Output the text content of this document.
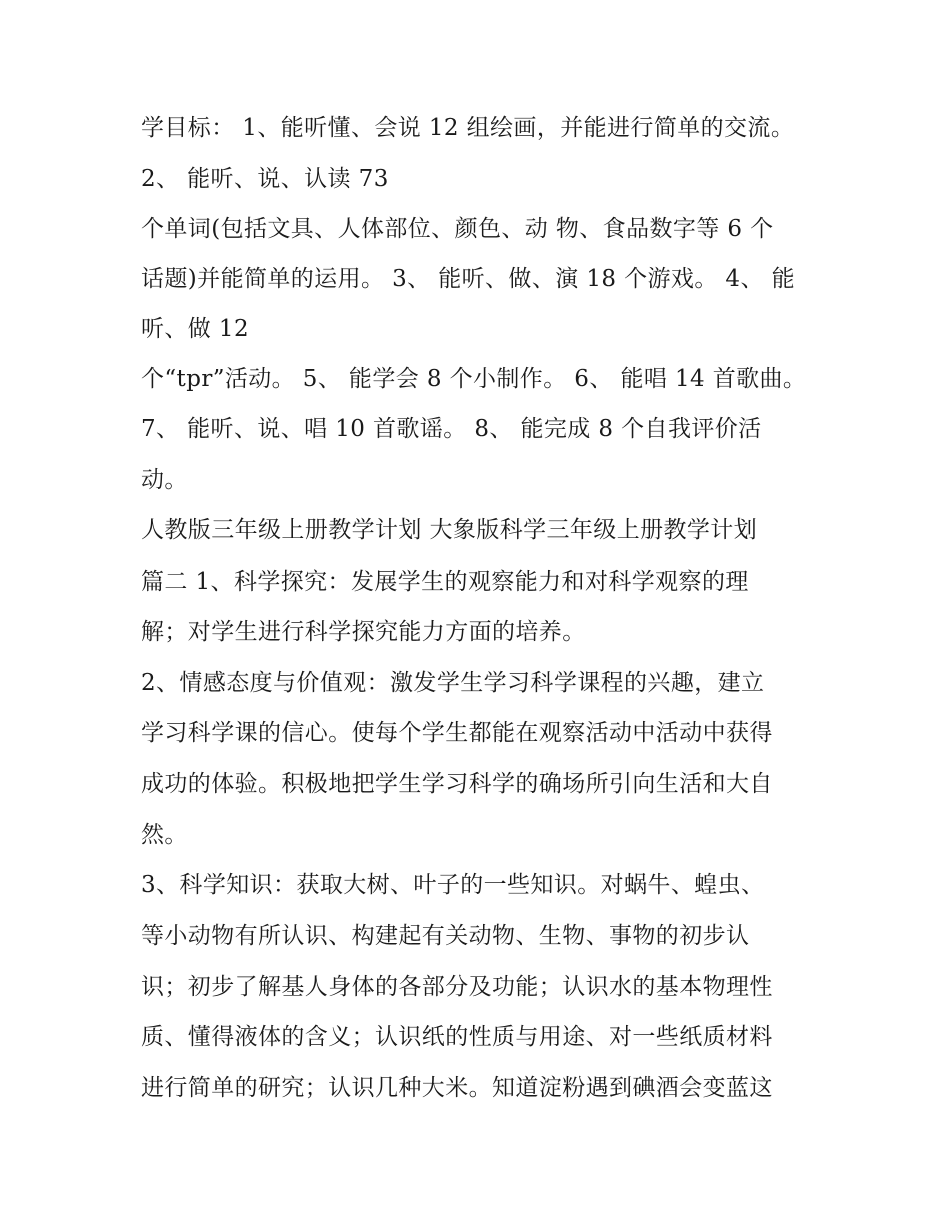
学目标： 1、能听懂、会说 12 组绘画，并能进行简单的交流。
2、 能听、说、认读 73
个单词(包括文具、人体部位、颜色、动 物、食品数字等 6 个
话题)并能简单的运用。 3、 能听、做、演 18 个游戏。 4、 能
听、做 12
个“tpr”活动。 5、 能学会 8 个小制作。 6、 能唱 14 首歌曲。
7、 能听、说、唱 10 首歌谣。 8、 能完成 8 个自我评价活
动。
人教版三年级上册教学计划 大象版科学三年级上册教学计划
篇二 1、科学探究：发展学生的观察能力和对科学观察的理
解；对学生进行科学探究能力方面的培养。
2、情感态度与价值观：激发学生学习科学课程的兴趣，建立
学习科学课的信心。使每个学生都能在观察活动中活动中获得
成功的体验。积极地把学生学习科学的确场所引向生活和大自
然。
3、科学知识：获取大树、叶子的一些知识。对蜗牛、蝗虫、
等小动物有所认识、构建起有关动物、生物、事物的初步认
识；初步了解基人身体的各部分及功能；认识水的基本物理性
质、懂得液体的含义；认识纸的性质与用途、对一些纸质材料
进行简单的研究；认识几种大米。知道淀粉遇到碘酒会变蓝这
